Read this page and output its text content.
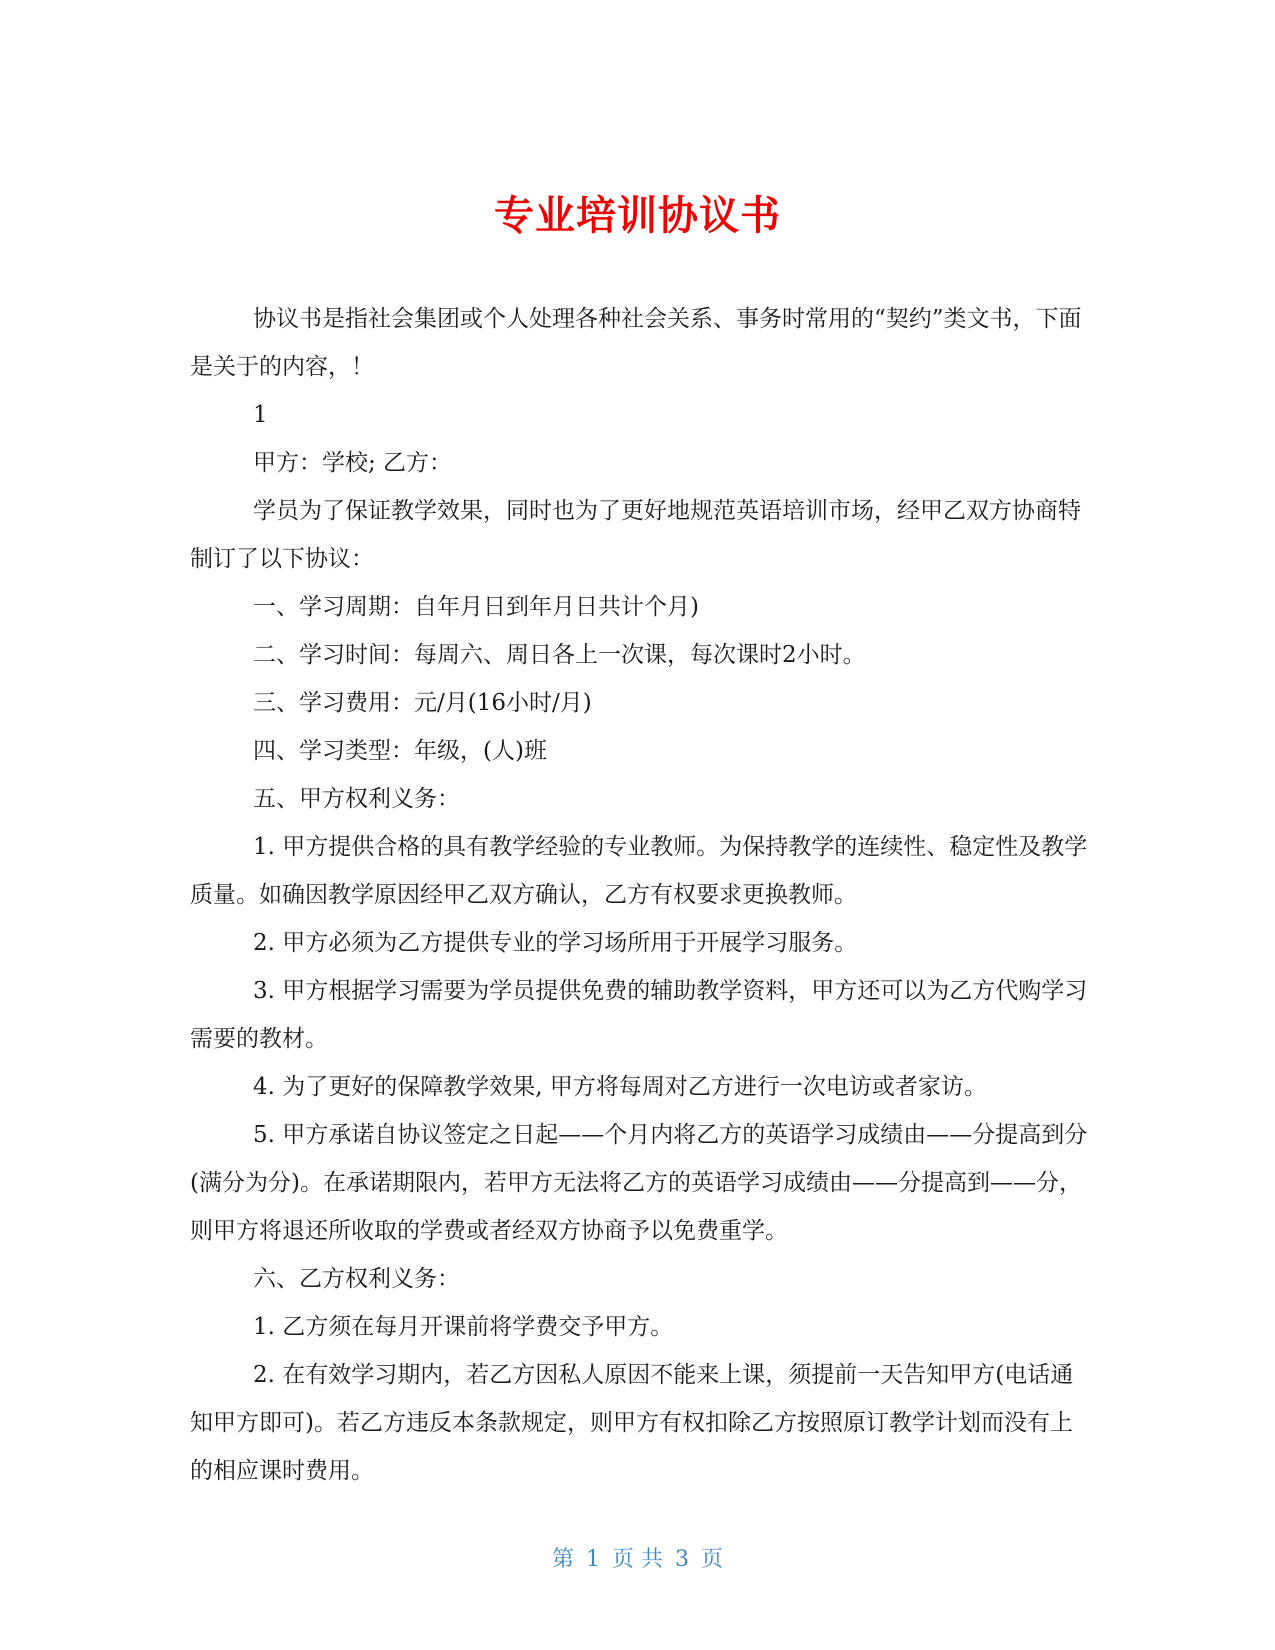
专业培训协议书

协议书是指社会集团或个人处理各种社会关系、事务时常用的“契约”类文书，下面是关于的内容，！

1

甲方：学校; 乙方：

学员为了保证教学效果，同时也为了更好地规范英语培训市场，经甲乙双方协商特制订了以下协议：

一、学习周期：自年月日到年月日共计个月)

二、学习时间：每周六、周日各上一次课，每次课时2小时。

三、学习费用：元/月(16小时/月)

四、学习类型：年级，(人)班

五、甲方权利义务：

1. 甲方提供合格的具有教学经验的专业教师。为保持教学的连续性、稳定性及教学质量。如确因教学原因经甲乙双方确认，乙方有权要求更换教师。

2. 甲方必须为乙方提供专业的学习场所用于开展学习服务。

3. 甲方根据学习需要为学员提供免费的辅助教学资料，甲方还可以为乙方代购学习需要的教材。

4. 为了更好的保障教学效果, 甲方将每周对乙方进行一次电访或者家访。

5. 甲方承诺自协议签定之日起——个月内将乙方的英语学习成绩由——分提高到分(满分为分)。在承诺期限内，若甲方无法将乙方的英语学习成绩由——分提高到——分，则甲方将退还所收取的学费或者经双方协商予以免费重学。

六、乙方权利义务：

1. 乙方须在每月开课前将学费交予甲方。

2. 在有效学习期内，若乙方因私人原因不能来上课，须提前一天告知甲方(电话通知甲方即可)。若乙方违反本条款规定，则甲方有权扣除乙方按照原订教学计划而没有上的相应课时费用。

第 1 页 共 3 页
